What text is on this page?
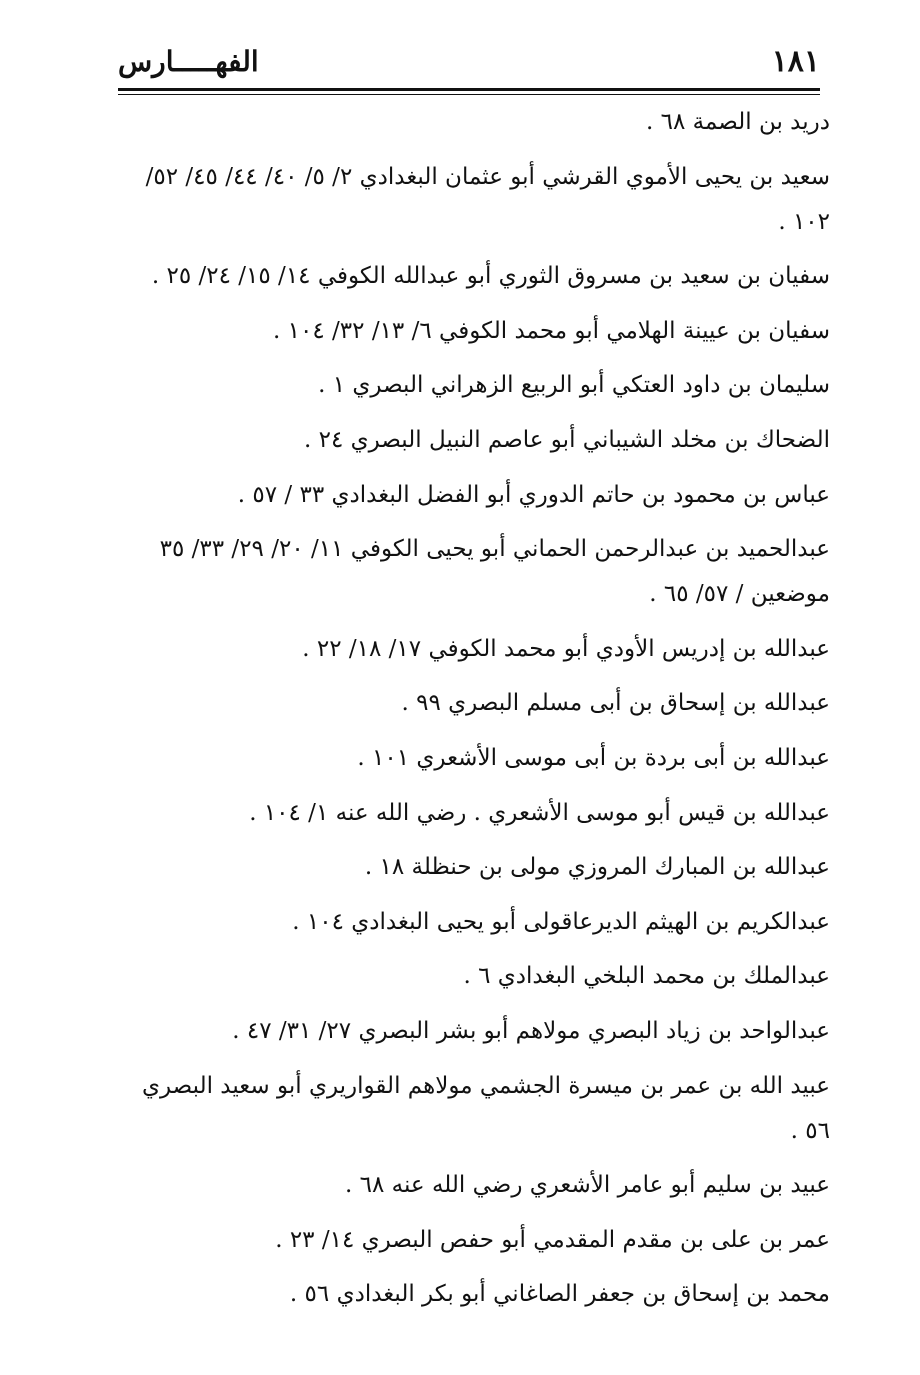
١٨١
الفهـــــارس
دريد بن الصمة ٦٨ .
سعيد بن يحيى الأموي القرشي أبو عثمان البغدادي ٢/ ٥/ ٤٠/ ٤٤/ ٤٥/ ٥٢/ ١٠٢ .
سفيان بن سعيد بن مسروق الثوري أبو عبدالله الكوفي ١٤/ ١٥/ ٢٤/ ٢٥ .
سفيان بن عيينة الهلامي أبو محمد الكوفي ٦/ ١٣/ ٣٢/ ١٠٤ .
سليمان بن داود العتكي أبو الربيع الزهراني البصري ١ .
الضحاك بن مخلد الشيباني أبو عاصم النبيل البصري ٢٤ .
عباس بن محمود بن حاتم الدوري أبو الفضل البغدادي ٣٣ / ٥٧ .
عبدالحميد بن عبدالرحمن الحماني أبو يحيى الكوفي ١١/ ٢٠/ ٢٩/ ٣٣/ ٣٥ موضعين / ٥٧/ ٦٥ .
عبدالله بن إدريس الأودي أبو محمد الكوفي ١٧/ ١٨/ ٢٢ .
عبدالله بن إسحاق بن أبى مسلم البصري ٩٩ .
عبدالله بن أبى بردة بن أبى موسى الأشعري ١٠١ .
عبدالله بن قيس أبو موسى الأشعري . رضي الله عنه ١/ ١٠٤ .
عبدالله بن المبارك المروزي مولى بن حنظلة ١٨ .
عبدالكريم بن الهيثم الديرعاقولى أبو يحيى البغدادي ١٠٤ .
عبدالملك بن محمد البلخي البغدادي ٦ .
عبدالواحد بن زياد البصري مولاهم أبو بشر البصري ٢٧/ ٣١/ ٤٧ .
عبيد الله بن عمر بن ميسرة الجشمي مولاهم القواريري أبو سعيد البصري ٥٦ .
عبيد بن سليم أبو عامر الأشعري رضي الله عنه ٦٨ .
عمر بن على بن مقدم المقدمي أبو حفص البصري ١٤/ ٢٣ .
محمد بن إسحاق بن جعفر الصاغاني أبو بكر البغدادي ٥٦ .
